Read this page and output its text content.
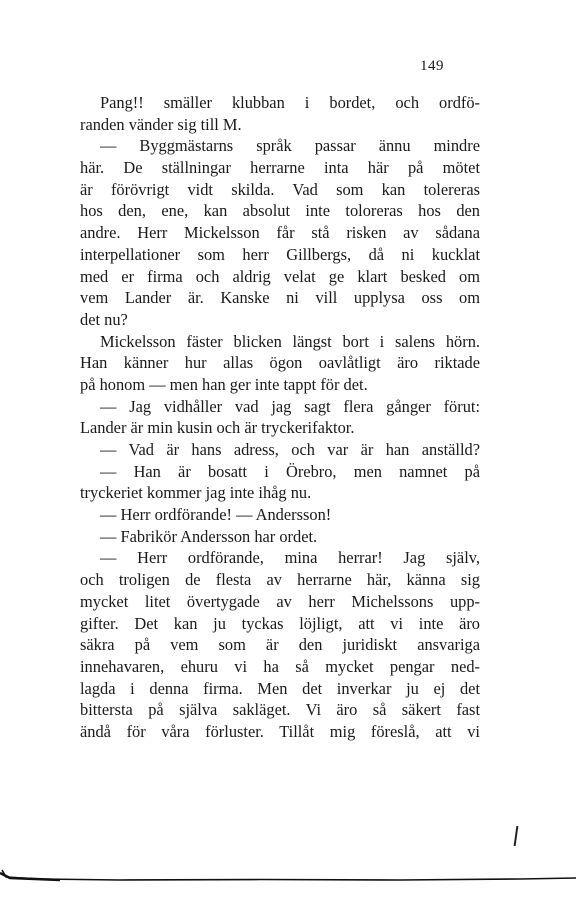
149
Pang!! smäller klubban i bordet, och ordfö-
randen vänder sig till M.
— Byggmästarns språk passar ännu mindre
här. De ställningar herrarne inta här på mötet
är förövrigt vidt skilda. Vad som kan tolereras
hos den, ene, kan absolut inte toloreras hos den
andre. Herr Mickelsson får stå risken av sådana
interpellationer som herr Gillbergs, då ni kucklat
med er firma och aldrig velat ge klart besked om
vem Lander är. Kanske ni vill upplysa oss om
det nu?
Mickelsson fäster blicken längst bort i salens hörn.
Han känner hur allas ögon oavlåtligt äro riktade
på honom — men han ger inte tappt för det.
— Jag vidhåller vad jag sagt flera gånger förut:
Lander är min kusin och är tryckerifaktor.
— Vad är hans adress, och var är han anställd?
— Han är bosatt i Örebro, men namnet på
tryckeriet kommer jag inte ihåg nu.
— Herr ordförande! — Andersson!
— Fabrikör Andersson har ordet.
— Herr ordförande, mina herrar! Jag själv,
och troligen de flesta av herrarne här, känna sig
mycket litet övertygade av herr Michelssons upp-
gifter. Det kan ju tyckas löjligt, att vi inte äro
säkra på vem som är den juridiskt ansvariga
innehavaren, ehuru vi ha så mycket pengar ned-
lagda i denna firma. Men det inverkar ju ej det
bittersta på själva sakläget. Vi äro så säkert fast
ändå för våra förluster. Tillåt mig föreslå, att vi
